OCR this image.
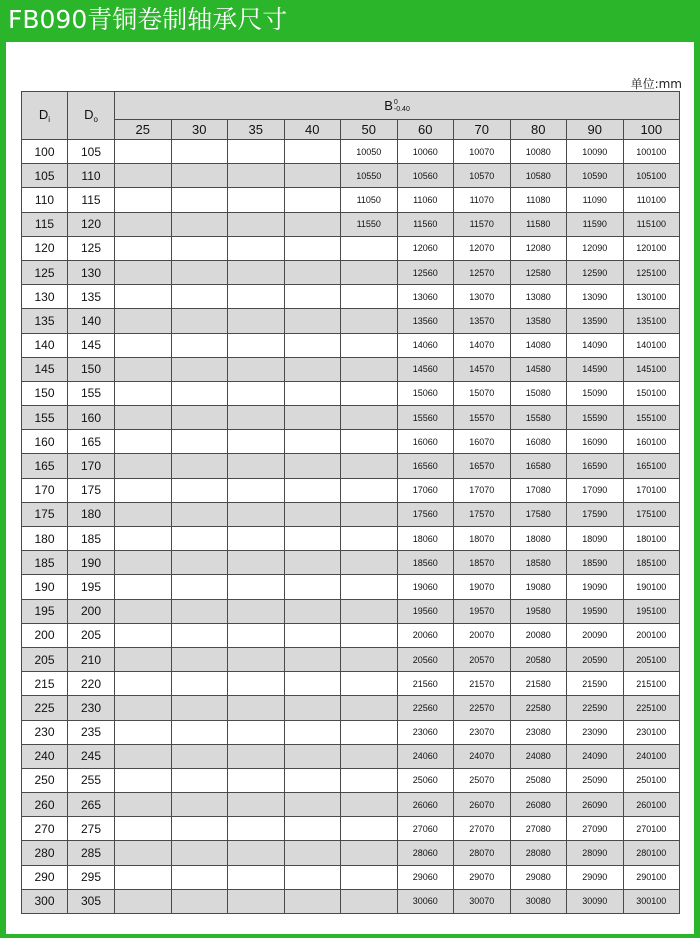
FB090青铜卷制轴承尺寸
单位:mm
$D_i$	$D_o$	B0
-0.40									
		25	30	35	40	50	60	70	80	90	100
100	105					10050	10060	10070	10080	10090	100100
105	110					10550	10560	10570	10580	10590	105100
110	115					11050	11060	11070	11080	11090	110100
115	120					11550	11560	11570	11580	11590	115100
120	125						12060	12070	12080	12090	120100
125	130						12560	12570	12580	12590	125100
130	135						13060	13070	13080	13090	130100
135	140						13560	13570	13580	13590	135100
140	145						14060	14070	14080	14090	140100
145	150						14560	14570	14580	14590	145100
150	155						15060	15070	15080	15090	150100
155	160						15560	15570	15580	15590	155100
160	165						16060	16070	16080	16090	160100
165	170						16560	16570	16580	16590	165100
170	175						17060	17070	17080	17090	170100
175	180						17560	17570	17580	17590	175100
180	185						18060	18070	18080	18090	180100
185	190						18560	18570	18580	18590	185100
190	195						19060	19070	19080	19090	190100
195	200						19560	19570	19580	19590	195100
200	205						20060	20070	20080	20090	200100
205	210						20560	20570	20580	20590	205100
215	220						21560	21570	21580	21590	215100
225	230						22560	22570	22580	22590	225100
230	235						23060	23070	23080	23090	230100
240	245						24060	24070	24080	24090	240100
250	255						25060	25070	25080	25090	250100
260	265						26060	26070	26080	26090	260100
270	275						27060	27070	27080	27090	270100
280	285						28060	28070	28080	28090	280100
290	295						29060	29070	29080	29090	290100
300	305						30060	30070	30080	30090	300100
